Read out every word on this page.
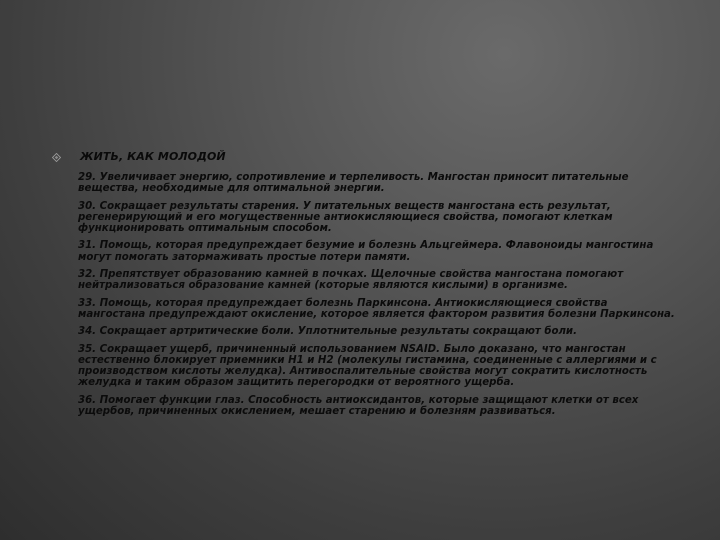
ЖИТЬ, КАК МОЛОДОЙ
29. Увеличивает энергию, сопротивление и терпеливость. Мангостан приносит питательные вещества, необходимые для оптимальной энергии.
30. Сокращает результаты старения. У питательных веществ мангостана есть результат, регенерирующий и его могущественные антиокисляющиеся свойства, помогают клеткам функционировать оптимальным способом.
31. Помощь, которая предупреждает безумие и болезнь Альцгеймера. Флавоноиды мангостина могут помогать затормаживать простые потери памяти.
32. Препятствует образованию камней в почках. Щелочные свойства мангостана помогают нейтрализоваться образование камней (которые являются кислыми) в организме.
33. Помощь, которая предупреждает болезнь Паркинсона. Антиокисляющиеся свойства мангостана предупреждают окисление, которое является фактором развития болезни Паркинсона.
34. Сокращает артритические боли. Уплотнительные результаты сокращают боли.
35. Сокращает ущерб, причиненный использованием NSAID. Было доказано, что мангостан естественно блокирует приемники H1 и H2 (молекулы гистамина, соединенные с аллергиями и с производством кислоты желудка). Антивоспалительные свойства могут сократить кислотность желудка и таким образом защитить перегородки от вероятного ущерба.
36. Помогает функции глаз. Способность антиоксидантов, которые защищают клетки от всех ущербов, причиненных окислением, мешает старению и болезням развиваться.
